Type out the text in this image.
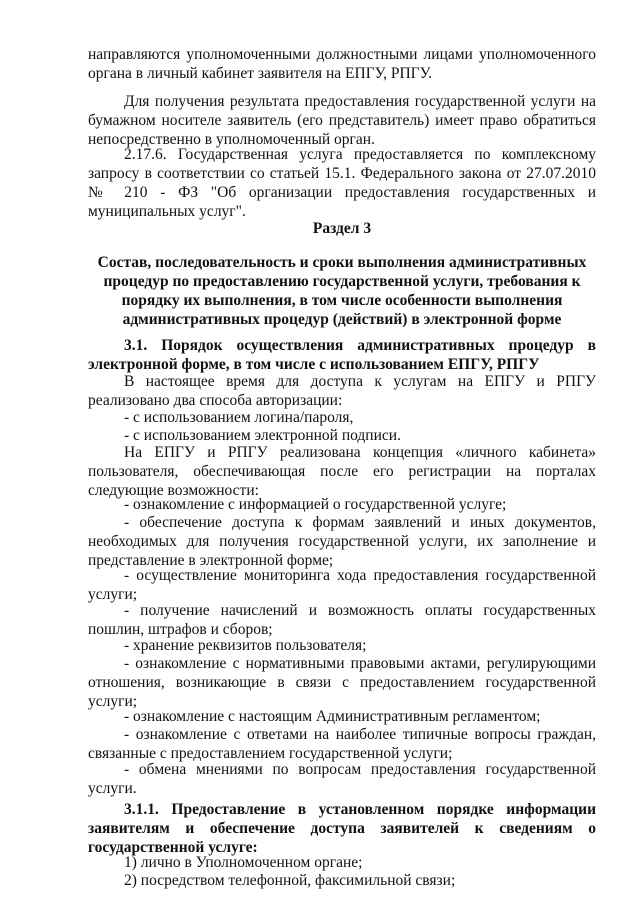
направляются уполномоченными должностными лицами уполномоченного органа в личный кабинет заявителя на ЕПГУ, РПГУ.

Для получения результата предоставления государственной услуги на бумажном носителе заявитель (его представитель) имеет право обратиться непосредственно в уполномоченный орган.

2.17.6. Государственная услуга предоставляется по комплексному запросу в соответствии со статьей 15.1. Федерального закона от 27.07.2010 № 210 - ФЗ "Об организации предоставления государственных и муниципальных услуг".

Раздел 3

Состав, последовательность и сроки выполнения административных процедур по предоставлению государственной услуги, требования к порядку их выполнения, в том числе особенности выполнения административных процедур (действий) в электронной форме

3.1. Порядок осуществления административных процедур в электронной форме, в том числе с использованием ЕПГУ, РПГУ

В настоящее время для доступа к услугам на ЕПГУ и РПГУ реализовано два способа авторизации:

- с использованием логина/пароля,

- с использованием электронной подписи.

На ЕПГУ и РПГУ реализована концепция «личного кабинета» пользователя, обеспечивающая после его регистрации на порталах следующие возможности:

- ознакомление с информацией о государственной услуге;

- обеспечение доступа к формам заявлений и иных документов, необходимых для получения государственной услуги, их заполнение и представление в электронной форме;

- осуществление мониторинга хода предоставления государственной услуги;

- получение начислений и возможность оплаты государственных пошлин, штрафов и сборов;

- хранение реквизитов пользователя;

- ознакомление с нормативными правовыми актами, регулирующими отношения, возникающие в связи с предоставлением государственной услуги;

- ознакомление с настоящим Административным регламентом;

- ознакомление с ответами на наиболее типичные вопросы граждан, связанные с предоставлением государственной услуги;

- обмена мнениями по вопросам предоставления государственной услуги.

3.1.1. Предоставление в установленном порядке информации заявителям и обеспечение доступа заявителей к сведениям о государственной услуге:

1) лично в Уполномоченном органе;

2) посредством телефонной, факсимильной связи;
